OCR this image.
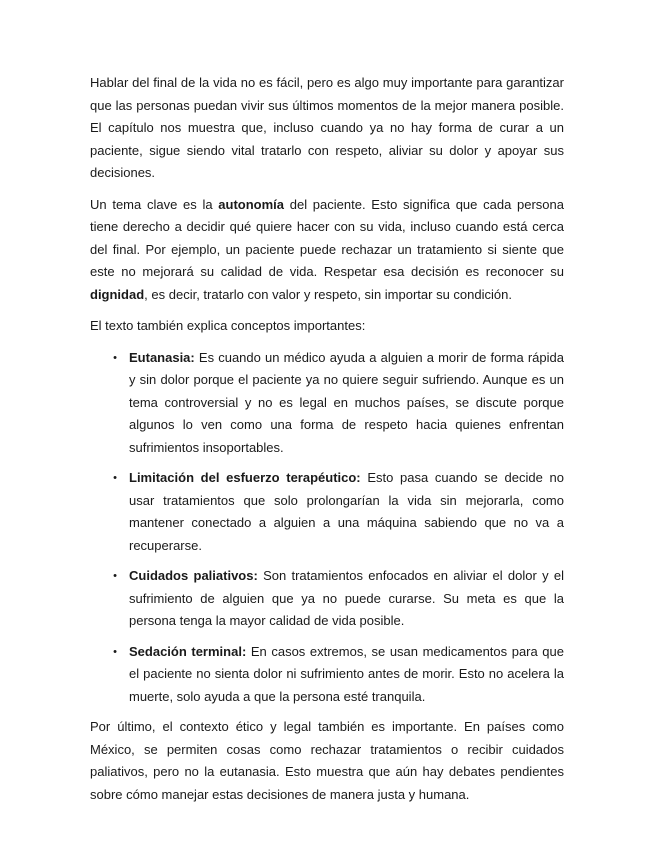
Hablar del final de la vida no es fácil, pero es algo muy importante para garantizar que las personas puedan vivir sus últimos momentos de la mejor manera posible. El capítulo nos muestra que, incluso cuando ya no hay forma de curar a un paciente, sigue siendo vital tratarlo con respeto, aliviar su dolor y apoyar sus decisiones.

Un tema clave es la autonomía del paciente. Esto significa que cada persona tiene derecho a decidir qué quiere hacer con su vida, incluso cuando está cerca del final. Por ejemplo, un paciente puede rechazar un tratamiento si siente que este no mejorará su calidad de vida. Respetar esa decisión es reconocer su dignidad, es decir, tratarlo con valor y respeto, sin importar su condición.

El texto también explica conceptos importantes:

• Eutanasia: Es cuando un médico ayuda a alguien a morir de forma rápida y sin dolor porque el paciente ya no quiere seguir sufriendo. Aunque es un tema controversial y no es legal en muchos países, se discute porque algunos lo ven como una forma de respeto hacia quienes enfrentan sufrimientos insoportables.
• Limitación del esfuerzo terapéutico: Esto pasa cuando se decide no usar tratamientos que solo prolongarían la vida sin mejorarla, como mantener conectado a alguien a una máquina sabiendo que no va a recuperarse.
• Cuidados paliativos: Son tratamientos enfocados en aliviar el dolor y el sufrimiento de alguien que ya no puede curarse. Su meta es que la persona tenga la mayor calidad de vida posible.
• Sedación terminal: En casos extremos, se usan medicamentos para que el paciente no sienta dolor ni sufrimiento antes de morir. Esto no acelera la muerte, solo ayuda a que la persona esté tranquila.

Por último, el contexto ético y legal también es importante. En países como México, se permiten cosas como rechazar tratamientos o recibir cuidados paliativos, pero no la eutanasia. Esto muestra que aún hay debates pendientes sobre cómo manejar estas decisiones de manera justa y humana.
